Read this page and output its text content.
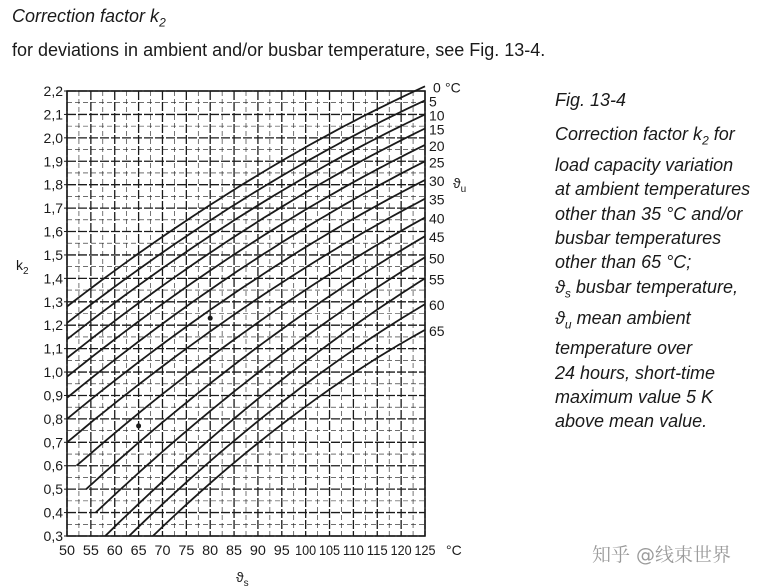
Correction factor $k_2$
for deviations in ambient and/or busbar temperature, see Fig. 13-4.
0,3
0,4
0,5
0,6
0,7
0,8
0,9
1,0
1,1
1,2
1,3
1,4
1,5
1,6
1,7
1,8
1,9
2,0
2,1
2,2
50 55 60 65 70 75 80 85 90 95 100 105 110 115 120 125 °C
$ϑ_s$
$k_2$
$ϑ_u$
0 °C
5
10
15
20
25
30
35
40
45
50
55
60
65
Fig. 13-4
Correction factor $k_2$ for
load capacity variation
at ambient temperatures
other than 35 °C and/or
busbar temperatures
other than 65 °C;
$ϑ_s$ busbar temperature,
$ϑ_u$ mean ambient
temperature over
24 hours, short-time
maximum value 5 K
above mean value.
知乎 @线束世界
